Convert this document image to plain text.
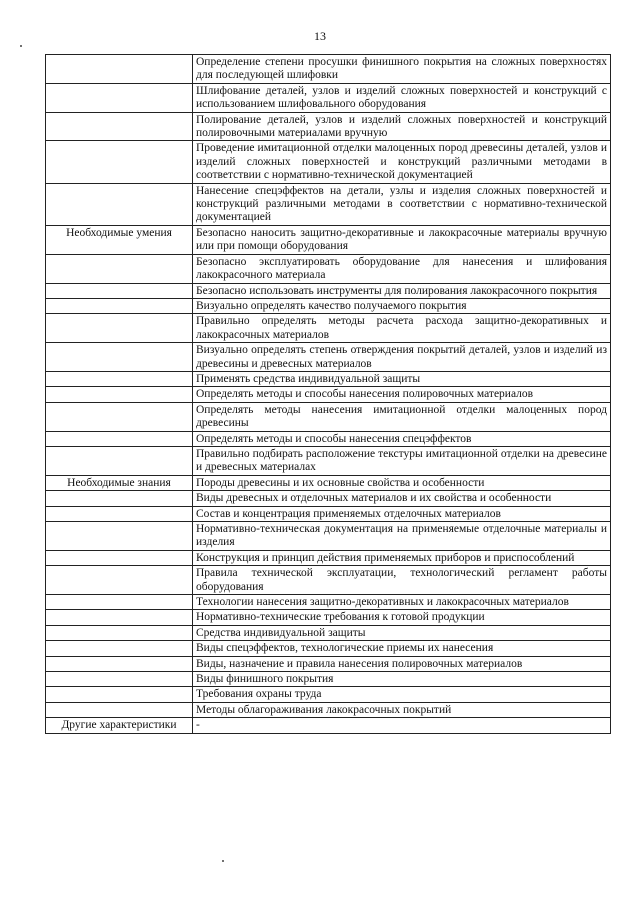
13
	Определение степени просушки финишного покрытия на сложных поверхностях для последующей шлифовки
	Шлифование деталей, узлов и изделий сложных поверхностей и конструкций с использованием шлифовального оборудования
	Полирование деталей, узлов и изделий сложных поверхностей и конструкций полировочными материалами вручную
	Проведение имитационной отделки малоценных пород древесины деталей, узлов и изделий сложных поверхностей и конструкций различными методами в соответствии с нормативно-технической документацией
	Нанесение спецэффектов на детали, узлы и изделия сложных поверхностей и конструкций различными методами в соответствии с нормативно-технической документацией
Необходимые умения	Безопасно наносить защитно-декоративные и лакокрасочные материалы вручную или при помощи оборудования
	Безопасно эксплуатировать оборудование для нанесения и шлифования лакокрасочного материала
	Безопасно использовать инструменты для полирования лакокрасочного покрытия
	Визуально определять качество получаемого покрытия
	Правильно определять методы расчета расхода защитно-декоративных и лакокрасочных материалов
	Визуально определять степень отверждения покрытий деталей, узлов и изделий из древесины и древесных материалов
	Применять средства индивидуальной защиты
	Определять методы и способы нанесения полировочных материалов
	Определять методы нанесения имитационной отделки малоценных пород древесины
	Определять методы и способы нанесения спецэффектов
	Правильно подбирать расположение текстуры имитационной отделки на древесине и древесных материалах
Необходимые знания	Породы древесины и их основные свойства и особенности
	Виды древесных и отделочных материалов и их свойства и особенности
	Состав и концентрация применяемых отделочных материалов
	Нормативно-техническая документация на применяемые отделочные материалы и изделия
	Конструкция и принцип действия применяемых приборов и приспособлений
	Правила технической эксплуатации, технологический регламент работы оборудования
	Технологии нанесения защитно-декоративных и лакокрасочных материалов
	Нормативно-технические требования к готовой продукции
	Средства индивидуальной защиты
	Виды спецэффектов, технологические приемы их нанесения
	Виды, назначение и правила нанесения полировочных материалов
	Виды финишного покрытия
	Требования охраны труда
	Методы облагораживания лакокрасочных покрытий
Другие характеристики	-
